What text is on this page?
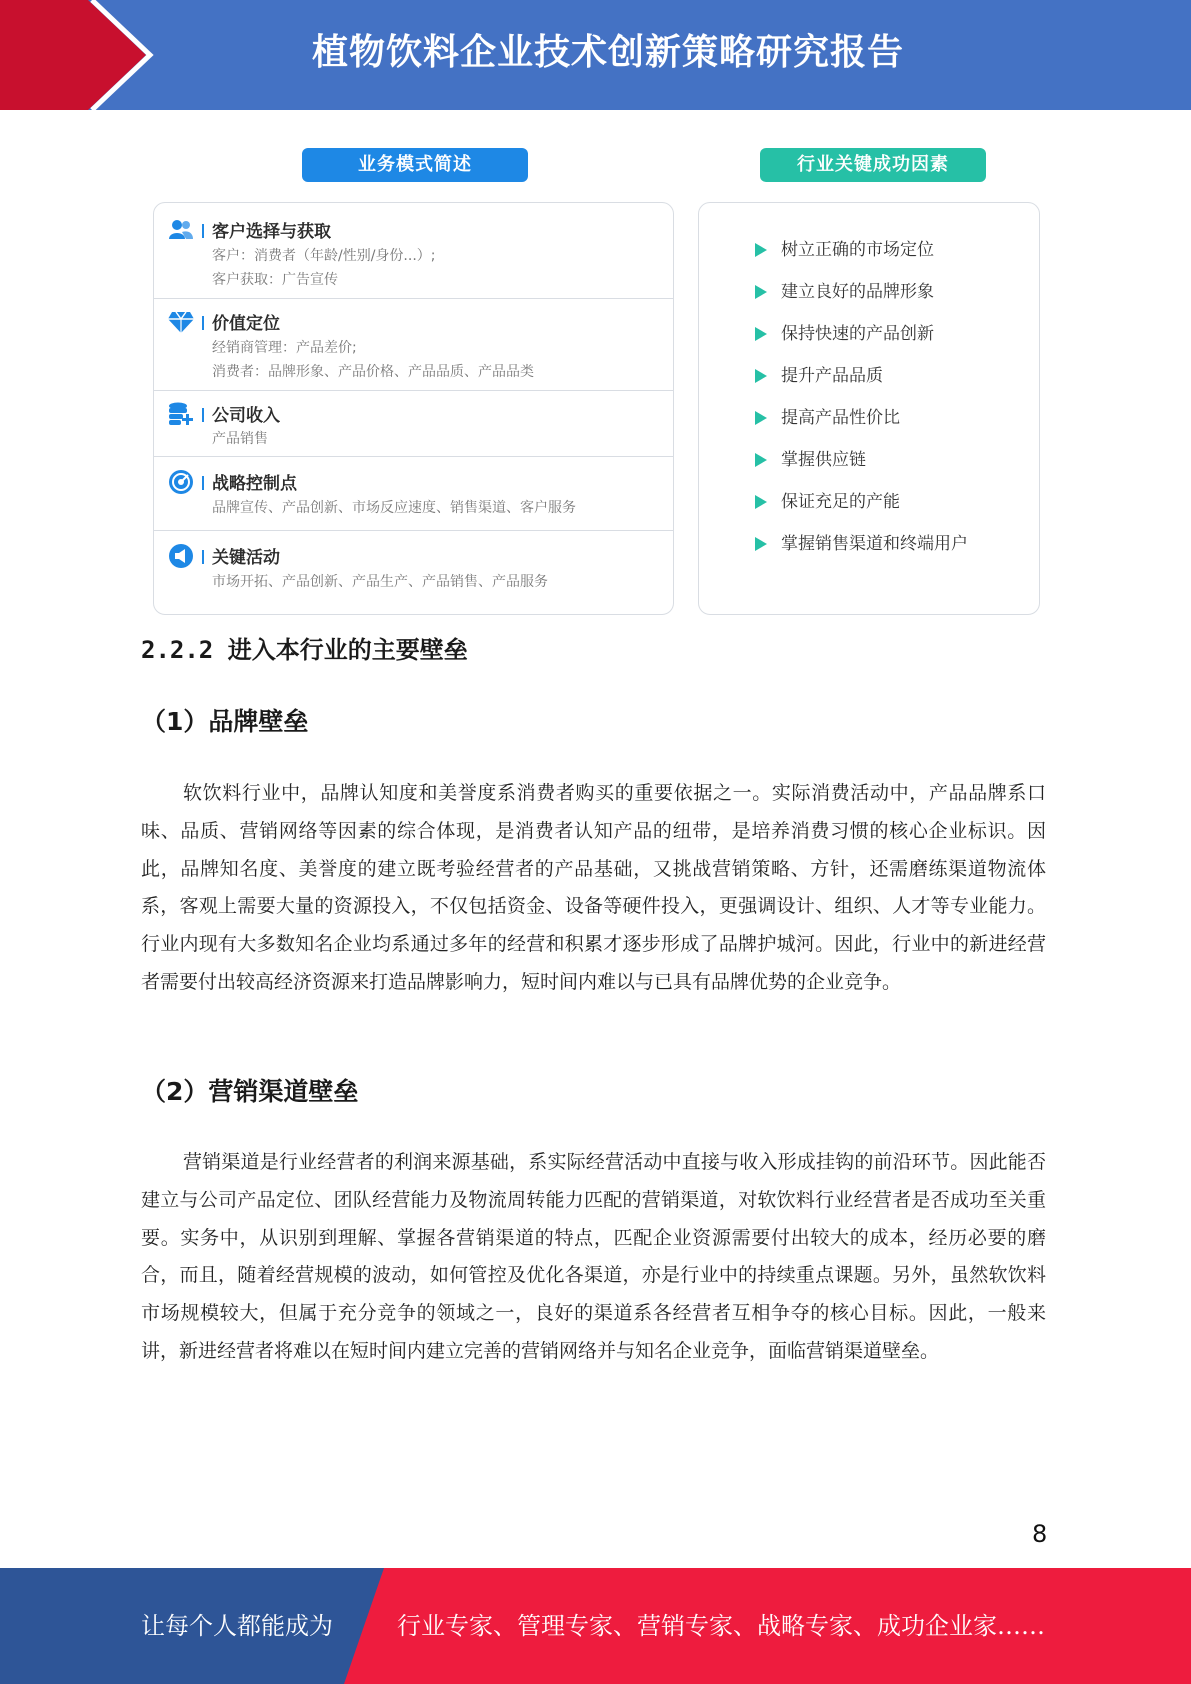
植物饮料企业技术创新策略研究报告
业务模式简述	行业关键成功因素
客户选择与获取
客户：消费者（年龄/性别/身份...）;
客户获取：广告宣传
价值定位
经销商管理：产品差价;
消费者：品牌形象、产品价格、产品品质、产品品类
公司收入
产品销售
战略控制点
品牌宣传、产品创新、市场反应速度、销售渠道、客户服务
关键活动
市场开拓、产品创新、产品生产、产品销售、产品服务
树立正确的市场定位
建立良好的品牌形象
保持快速的产品创新
提升产品品质
提高产品性价比
掌握供应链
保证充足的产能
掌握销售渠道和终端用户
2.2.2 进入本行业的主要壁垒
（1）品牌壁垒
软饮料行业中，品牌认知度和美誉度系消费者购买的重要依据之一。实际消费活动中，产品品牌系口味、品质、营销网络等因素的综合体现，是消费者认知产品的纽带，是培养消费习惯的核心企业标识。因此，品牌知名度、美誉度的建立既考验经营者的产品基础，又挑战营销策略、方针，还需磨练渠道物流体系，客观上需要大量的资源投入，不仅包括资金、设备等硬件投入，更强调设计、组织、人才等专业能力。行业内现有大多数知名企业均系通过多年的经营和积累才逐步形成了品牌护城河。因此，行业中的新进经营者需要付出较高经济资源来打造品牌影响力，短时间内难以与已具有品牌优势的企业竞争。
（2）营销渠道壁垒
营销渠道是行业经营者的利润来源基础，系实际经营活动中直接与收入形成挂钩的前沿环节。因此能否建立与公司产品定位、团队经营能力及物流周转能力匹配的营销渠道，对软饮料行业经营者是否成功至关重要。实务中，从识别到理解、掌握各营销渠道的特点，匹配企业资源需要付出较大的成本，经历必要的磨合，而且，随着经营规模的波动，如何管控及优化各渠道，亦是行业中的持续重点课题。另外，虽然软饮料市场规模较大，但属于充分竞争的领域之一，良好的渠道系各经营者互相争夺的核心目标。因此，一般来讲，新进经营者将难以在短时间内建立完善的营销网络并与知名企业竞争，面临营销渠道壁垒。
8
让每个人都能成为	行业专家、管理专家、营销专家、战略专家、成功企业家……
